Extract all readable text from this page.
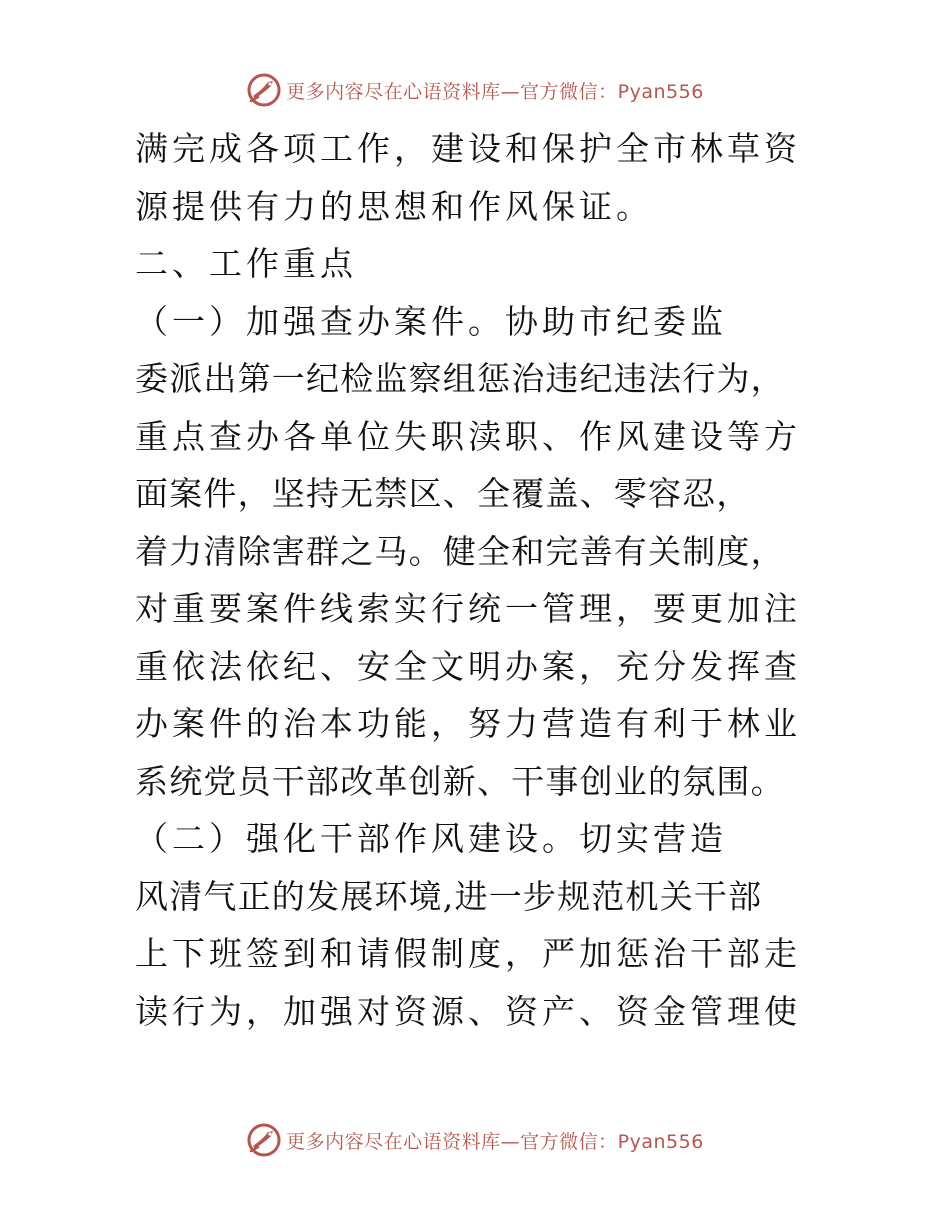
更多内容尽在心语资料库—官方微信：Pyan556
满完成各项工作，建设和保护全市林草资
源提供有力的思想和作风保证。
二、工作重点
（一）加强查办案件。协助市纪委监
委派出第一纪检监察组惩治违纪违法行为，
重点查办各单位失职渎职、作风建设等方
面案件，坚持无禁区、全覆盖、零容忍，
着力清除害群之马。健全和完善有关制度，
对重要案件线索实行统一管理，要更加注
重依法依纪、安全文明办案，充分发挥查
办案件的治本功能，努力营造有利于林业
系统党员干部改革创新、干事创业的氛围。
（二）强化干部作风建设。切实营造
风清气正的发展环境,进一步规范机关干部
上下班签到和请假制度，严加惩治干部走
读行为，加强对资源、资产、资金管理使
更多内容尽在心语资料库—官方微信：Pyan556
